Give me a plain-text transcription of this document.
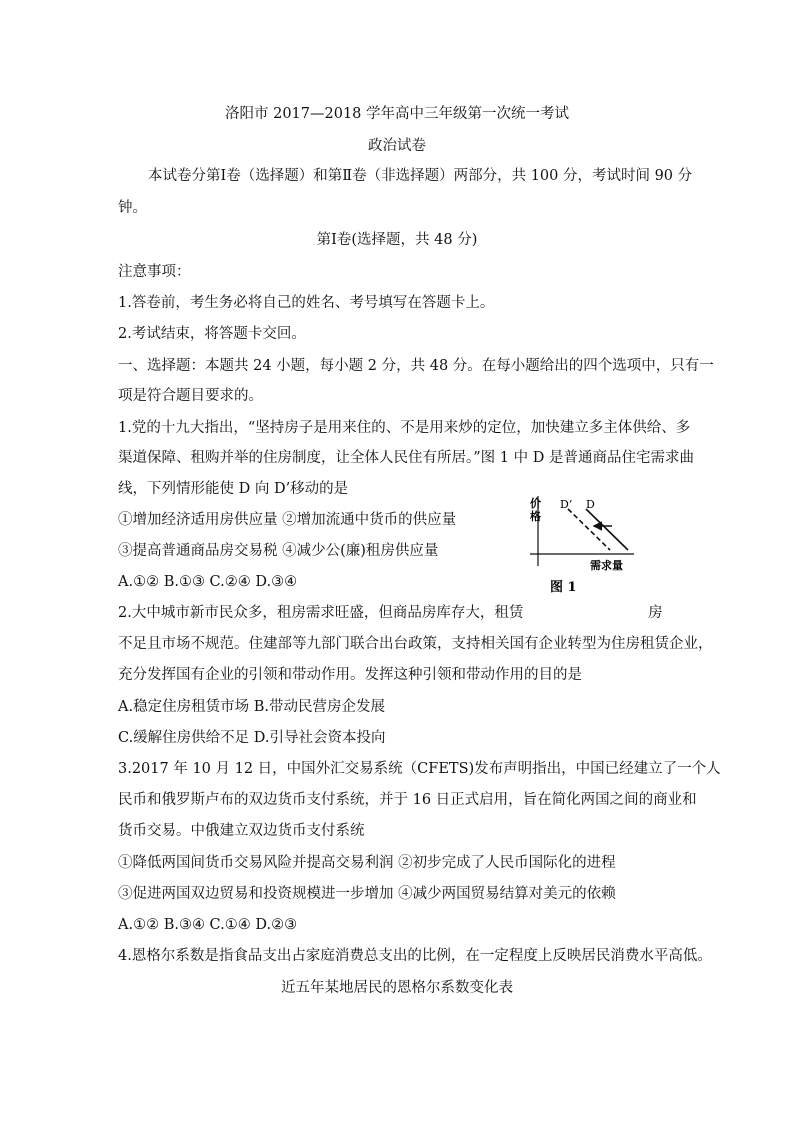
洛阳市 2017—2018 学年高中三年级第一次统一考试
政治试卷
本试卷分第Ⅰ卷（选择题）和第Ⅱ卷（非选择题）两部分，共 100 分，考试时间 90 分
钟。
第Ⅰ卷(选择题，共 48 分)
注意事项：
1.答卷前，考生务必将自己的姓名、考号填写在答题卡上。
2.考试结束，将答题卡交回。
一、选择题：本题共 24 小题，每小题 2 分，共 48 分。在每小题给出的四个选项中，只有一
项是符合题目要求的。
1.党的十九大指出，“坚持房子是用来住的、不是用来炒的定位，加快建立多主体供给、多
渠道保障、租购并举的住房制度，让全体人民住有所居。”图 1 中 D 是普通商品住宅需求曲
线，下列情形能使 D 向 D’移动的是
①增加经济适用房供应量 ②增加流通中货币的供应量
③提高普通商品房交易税 ④减少公(廉)租房供应量
A.①② B.①③ C.②④ D.③④
价
格
D’ D
需求量
图 1
2.大中城市新市民众多，租房需求旺盛，但商品房库存大，租赁	房
不足且市场不规范。住建部等九部门联合出台政策，支持相关国有企业转型为住房租赁企业，
充分发挥国有企业的引领和带动作用。发挥这种引领和带动作用的目的是
A.稳定住房租赁市场 B.带动民营房企发展
C.缓解住房供给不足 D.引导社会资本投向
3.2017 年 10 月 12 日，中国外汇交易系统（CFETS)发布声明指出，中国已经建立了一个人
民币和俄罗斯卢布的双边货币支付系统，并于 16 日正式启用，旨在简化两国之间的商业和
货币交易。中俄建立双边货币支付系统
①降低两国间货币交易风险并提高交易利润 ②初步完成了人民币国际化的进程
③促进两国双边贸易和投资规模进一步增加 ④减少两国贸易结算对美元的依赖
A.①② B.③④ C.①④ D.②③
4.恩格尔系数是指食品支出占家庭消费总支出的比例，在一定程度上反映居民消费水平高低。
近五年某地居民的恩格尔系数变化表
